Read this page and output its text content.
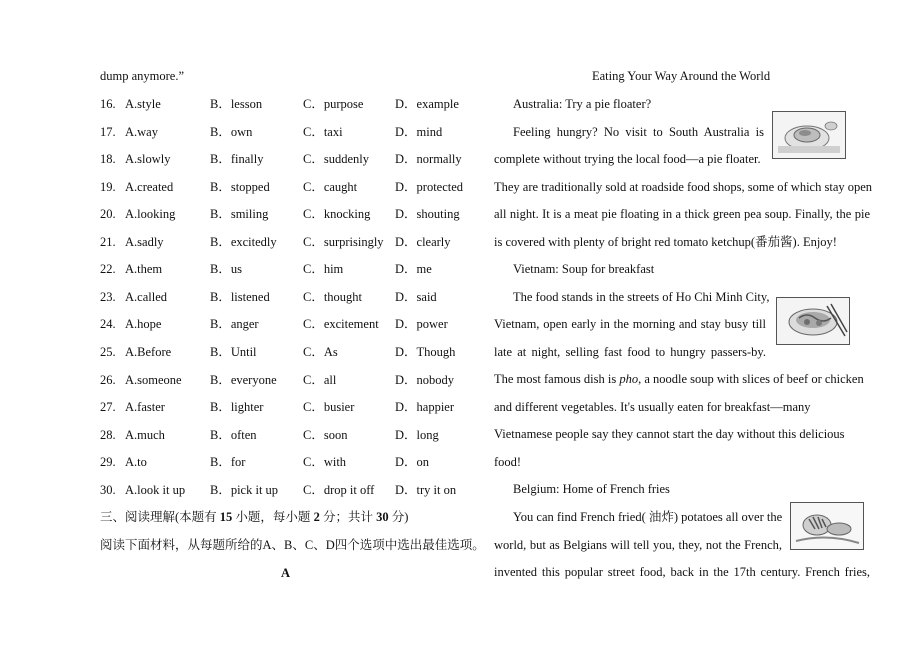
dump anymore.”
16. A.style	B．lesson	C．purpose	D．example
17. A.way	B．own	C．taxi	D．mind
18. A.slowly	B．finally	C．suddenly D．normally
19. A.created	B．stopped	C．caught	D．protected
20. A.looking	B．smiling	C．knocking D．shouting
21. A.sadly	B．excitedly C．surprisingly D．clearly
22. A.them	B．us	C．him	D．me
23. A.called	B．listened	C．thought	D．said
24. A.hope	B．anger	C．excitement D．power
25. A.Before	B．Until	C．As	D．Though
26. A.someone B．everyone C．all	D．nobody
27. A.faster	B．lighter	C．busier	D．happier
28. A.much	B．often	C．soon	D．long
29. A.to	B．for	C．with	D．on
30. A.look it up B．pick it up C．drop it off D．try it on
三、阅读理解(本题有 15 小题，每小题 2 分；共计 30 分)
阅读下面材料，从每题所给的A、B、C、D四个选项中选出最佳选项。
A
Eating Your Way Around the World
Australia: Try a pie floater?
Feeling hungry? No visit to South Australia is
complete without trying the local food—a pie floater.
They are traditionally sold at roadside food shops, some of which stay open
all night. It is a meat pie floating in a thick green pea soup. Finally, the pie
is covered with plenty of bright red tomato ketchup(番茄酱). Enjoy!
Vietnam: Soup for breakfast
The food stands in the streets of Ho Chi Minh City,
Vietnam, open early in the morning and stay busy till
late at night, selling fast food to hungry passers-by.
The most famous dish is pho, a noodle soup with slices of beef or chicken
and different vegetables. It's usually eaten for breakfast—many
Vietnamese people say they cannot start the day without this delicious
food!
Belgium: Home of French fries
You can find French fried( 油炸) potatoes all over the
world, but as Belgians will tell you, they, not the French,
invented this popular street food, back in the 17th century. French fries,
